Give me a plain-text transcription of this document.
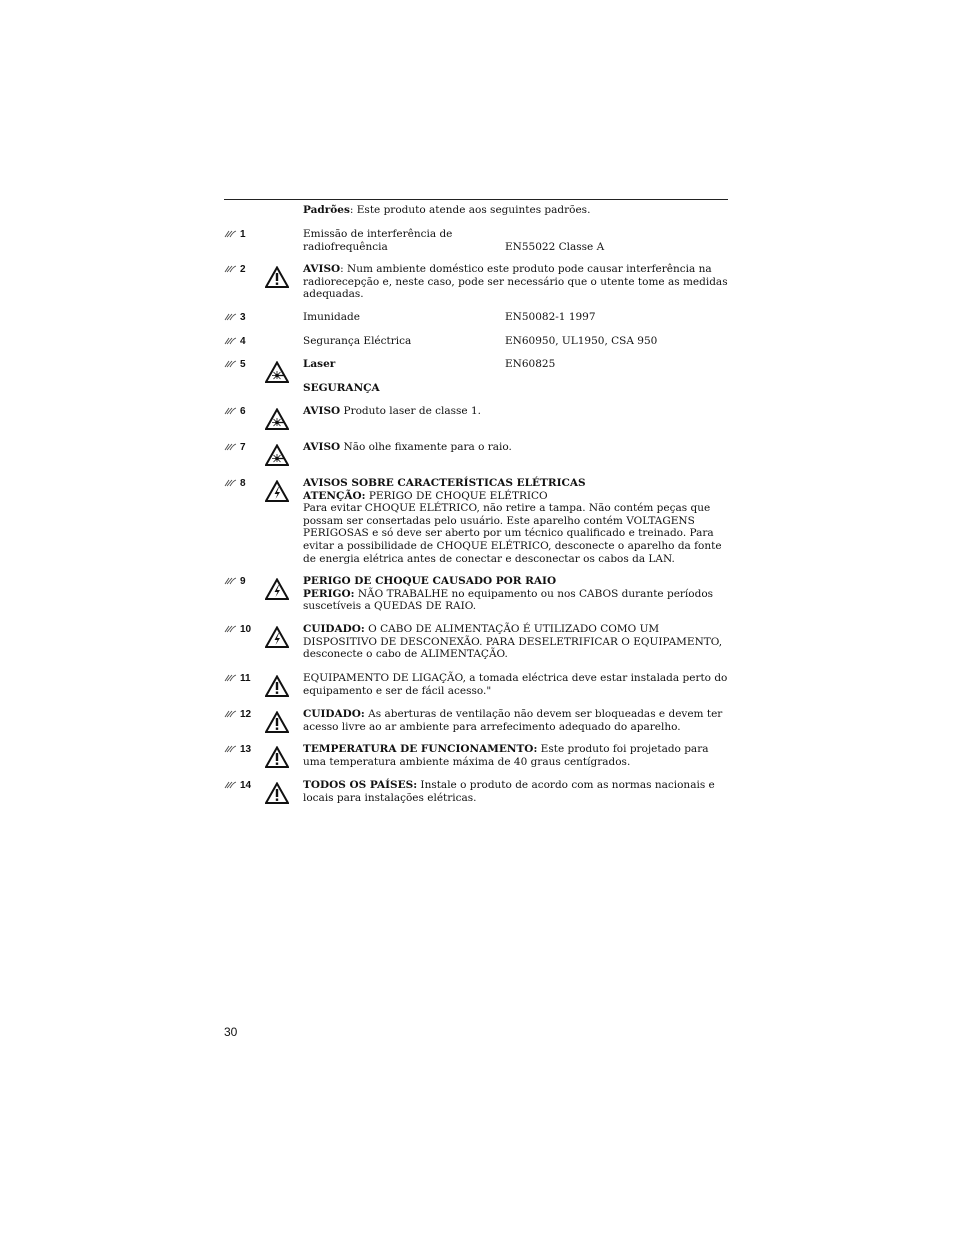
Padrões: Este produto atende aos seguintes padrões.
1	Emissão de interferência de radiofrequência	EN55022 Classe A
2	AVISO: Num ambiente doméstico este produto pode causar interferência na radiorecepção e, neste caso, pode ser necessário que o utente tome as medidas adequadas.
3	Imunidade	EN50082-1 1997
4	Segurança Eléctrica	EN60950, UL1950, CSA 950
5	Laser	EN60825
SEGURANÇA
6	AVISO Produto laser de classe 1.
7	AVISO Não olhe fixamente para o raio.
8	AVISOS SOBRE CARACTERÍSTICAS ELÉTRICAS
ATENÇÃO: PERIGO DE CHOQUE ELÉTRICO
Para evitar CHOQUE ELÉTRICO, não retire a tampa. Não contém peças que possam ser consertadas pelo usuário. Este aparelho contém VOLTAGENS PERIGOSAS e só deve ser aberto por um técnico qualificado e treinado. Para evitar a possibilidade de CHOQUE ELÉTRICO, desconecte o aparelho da fonte de energia elétrica antes de conectar e desconectar os cabos da LAN.
9	PERIGO DE CHOQUE CAUSADO POR RAIO
PERIGO: NÃO TRABALHE no equipamento ou nos CABOS durante períodos suscetíveis a QUEDAS DE RAIO.
10	CUIDADO: O CABO DE ALIMENTAÇÃO É UTILIZADO COMO UM DISPOSITIVO DE DESCONEXÃO. PARA DESELETRIFICAR O EQUIPAMENTO, desconecte o cabo de ALIMENTAÇÃO.
11	EQUIPAMENTO DE LIGAÇÃO, a tomada eléctrica deve estar instalada perto do equipamento e ser de fácil acesso."
12	CUIDADO: As aberturas de ventilação não devem ser bloqueadas e devem ter acesso livre ao ar ambiente para arrefecimento adequado do aparelho.
13	TEMPERATURA DE FUNCIONAMENTO: Este produto foi projetado para uma temperatura ambiente máxima de 40 graus centígrados.
14	TODOS OS PAÍSES: Instale o produto de acordo com as normas nacionais e locais para instalações elétricas.
30
